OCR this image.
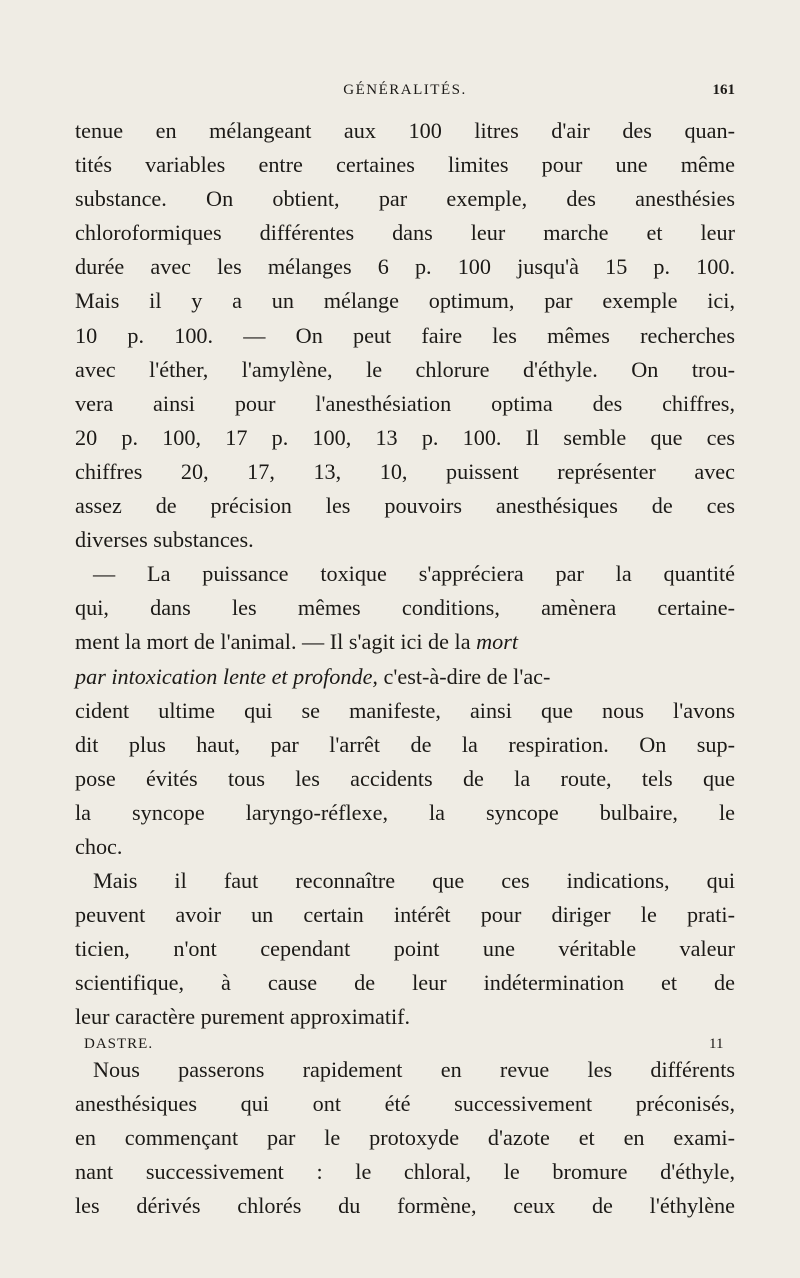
GÉNÉRALITÉS.	161
tenue en mélangeant aux 100 litres d'air des quan-
tités variables entre certaines limites pour une même
substance. On obtient, par exemple, des anesthésies
chloroformiques différentes dans leur marche et leur
durée avec les mélanges 6 p. 100 jusqu'à 15 p. 100.
Mais il y a un mélange optimum, par exemple ici,
10 p. 100. — On peut faire les mêmes recherches
avec l'éther, l'amylène, le chlorure d'éthyle. On trou-
vera ainsi pour l'anesthésiation optima des chiffres,
20 p. 100, 17 p. 100, 13 p. 100. Il semble que ces
chiffres 20, 17, 13, 10, puissent représenter avec
assez de précision les pouvoirs anesthésiques de ces
diverses substances.
— La puissance toxique s'appréciera par la quantité
qui, dans les mêmes conditions, amènera certaine-
ment la mort de l'animal. — Il s'agit ici de la mort
par intoxication lente et profonde, c'est-à-dire de l'ac-
cident ultime qui se manifeste, ainsi que nous l'avons
dit plus haut, par l'arrêt de la respiration. On sup-
pose évités tous les accidents de la route, tels que
la syncope laryngo-réflexe, la syncope bulbaire, le
choc.
Mais il faut reconnaître que ces indications, qui
peuvent avoir un certain intérêt pour diriger le prati-
ticien, n'ont cependant point une véritable valeur
scientifique, à cause de leur indétermination et de
leur caractère purement approximatif.
Nous passerons rapidement en revue les différents
anesthésiques qui ont été successivement préconisés,
en commençant par le protoxyde d'azote et en exami-
nant successivement : le chloral, le bromure d'éthyle,
les dérivés chlorés du formène, ceux de l'éthylène
DASTRE.	11
